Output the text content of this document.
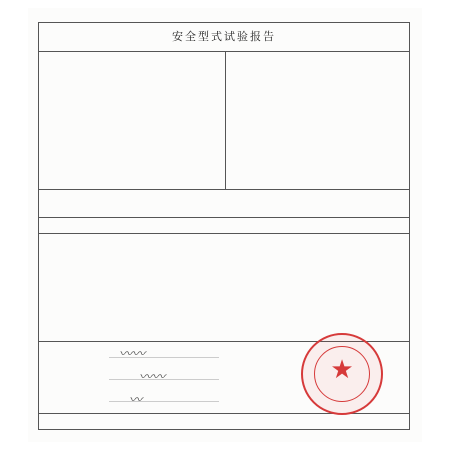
安全型式试验报告
〰〰
〰〰
〰
★
